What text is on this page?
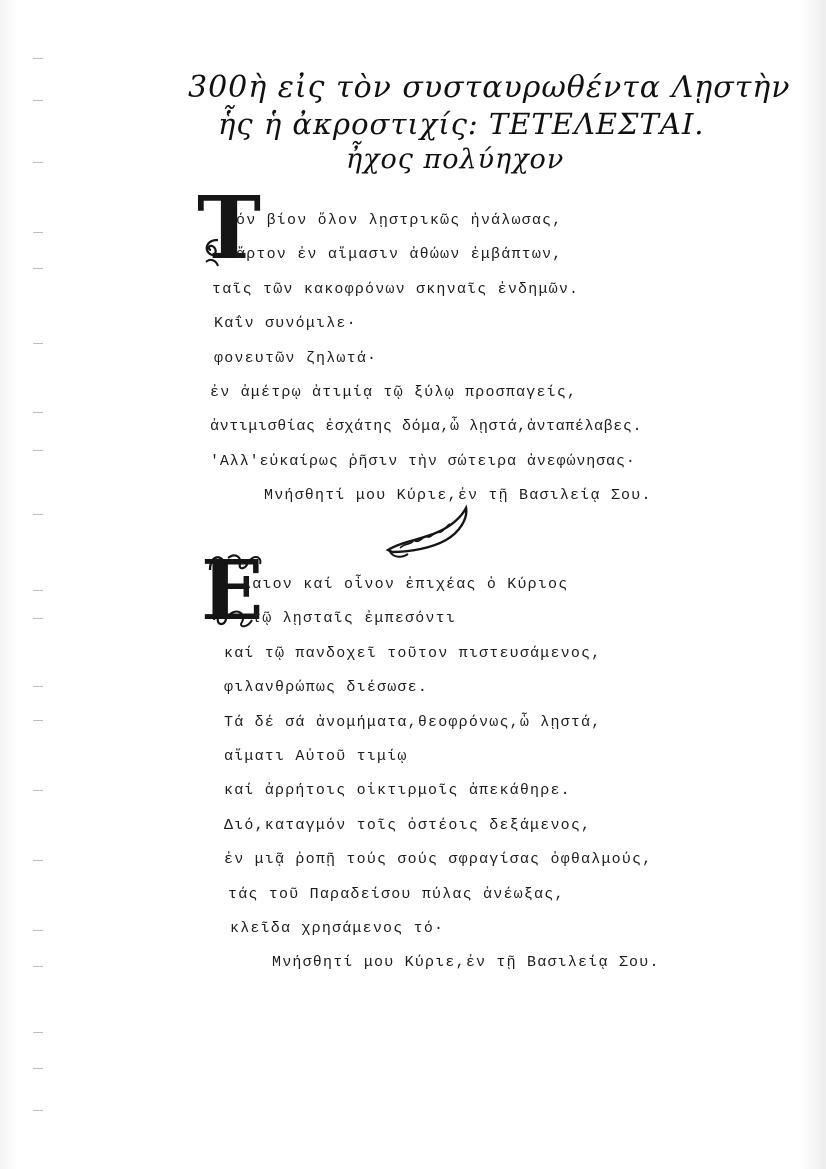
300ὴ εἰς τὸν συσταυρωθέντα Λῃστὴν
ἧς ἡ ἀκροστιχίς: ΤΕΤΕΛΕΣΤΑΙ.
ἦχος πολύηχον
Τ
όν βίον ὅλον λῃστρικῶς ἠνάλωσας,
ἄρτον ἐν αἵμασιν ἀθώων ἐμβάπτων,
ταῖς τῶν κακοφρόνων σκηναῖς ἐνδημῶν.
Καΐν συνόμιλε·
φονευτῶν ζηλωτά·
ἐν ἀμέτρῳ ἀτιμίᾳ τῷ ξύλῳ προσπαγείς,
ἀντιμισθίας ἐσχάτης δόμα,ὦ λῃστά,ἀνταπέλαβες.
'Αλλ'εὐκαίρως ῥῆσιν τὴν σώτειρα ἀνεφώνησας·
Μνήσθητί μου Κύριε,ἐν τῇ Βασιλείᾳ Σου.
Ε
λαιον καί οἶνον ἐπιχέας ὁ Κύριος
τῷ λῃσταῖς ἐμπεσόντι
καί τῷ πανδοχεῖ τοῦτον πιστευσάμενος,
φιλανθρώπως διέσωσε.
Τά δέ σά ἀνομήματα,θεοφρόνως,ὦ λῃστά,
αἵματι Αὐτοῦ τιμίῳ
καί ἀρρήτοις οἰκτιρμοῖς ἀπεκάθηρε.
Διό,καταγμόν τοῖς ὀστέοις δεξάμενος,
ἐν μιᾷ ῥοπῇ τούς σούς σφραγίσας ὀφθαλμούς,
τάς τοῦ Παραδείσου πύλας ἀνέωξας,
κλεῖδα χρησάμενος τό·
Μνήσθητί μου Κύριε,ἐν τῇ Βασιλείᾳ Σου.
